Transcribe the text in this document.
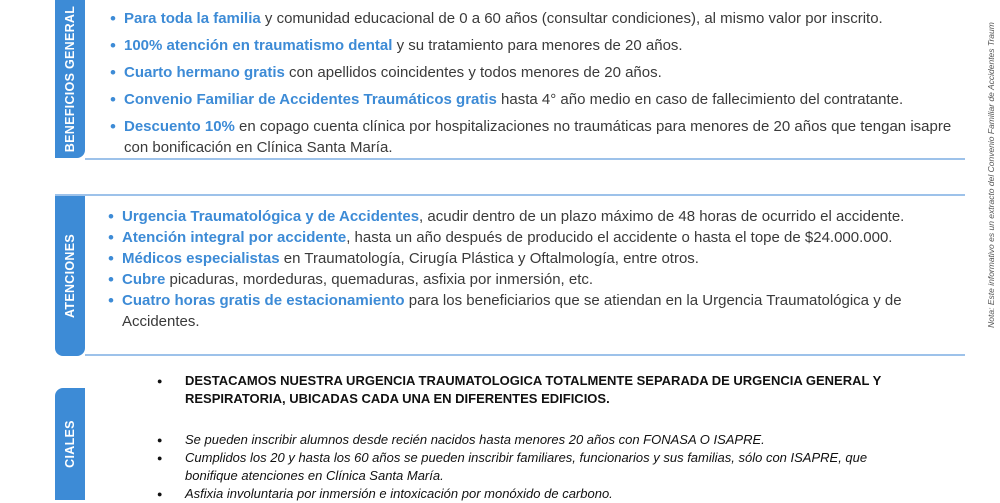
BENEFICIOS GENERAL
•	Para toda la familia y comunidad educacional de 0 a 60 años (consultar condiciones), al mismo valor por inscrito.
• 100% atención en traumatismo dental y su tratamiento para menores de 20 años.
• Cuarto hermano gratis con apellidos coincidentes y todos menores de 20 años.
• Convenio Familiar de Accidentes Traumáticos gratis hasta 4° año medio en caso de fallecimiento del contratante.
• Descuento 10% en copago cuenta clínica por hospitalizaciones no traumáticas para menores de 20 años que tengan isapre con bonificación en Clínica Santa María.
ATENCIONES
• Urgencia Traumatológica y de Accidentes, acudir dentro de un plazo máximo de 48 horas de ocurrido el accidente.
• Atención integral por accidente, hasta un año después de producido el accidente o hasta el tope de $24.000.000.
• Médicos especialistas en Traumatología, Cirugía Plástica y Oftalmología, entre otros.
• Cubre picaduras, mordeduras, quemaduras, asfixia por inmersión, etc.
• Cuatro horas gratis de estacionamiento para los beneficiarios que se atiendan en la Urgencia Traumatológica y de Accidentes.
CIALES
● DESTACAMOS NUESTRA URGENCIA TRAUMATOLOGICA TOTALMENTE SEPARADA DE URGENCIA GENERAL Y RESPIRATORIA, UBICADAS CADA UNA EN DIFERENTES EDIFICIOS.
● Se pueden inscribir alumnos desde recién nacidos hasta menores 20 años con FONASA O ISAPRE.
● Cumplidos los 20 y hasta los 60 años se pueden inscribir familiares, funcionarios y sus familias, sólo con ISAPRE, que bonifique atenciones en Clínica Santa María.
● Asfixia involuntaria por inmersión e intoxicación por monóxido de carbono.
Nota: Este informativo es un extracto del Convenio Familiar de Accidentes Traum
